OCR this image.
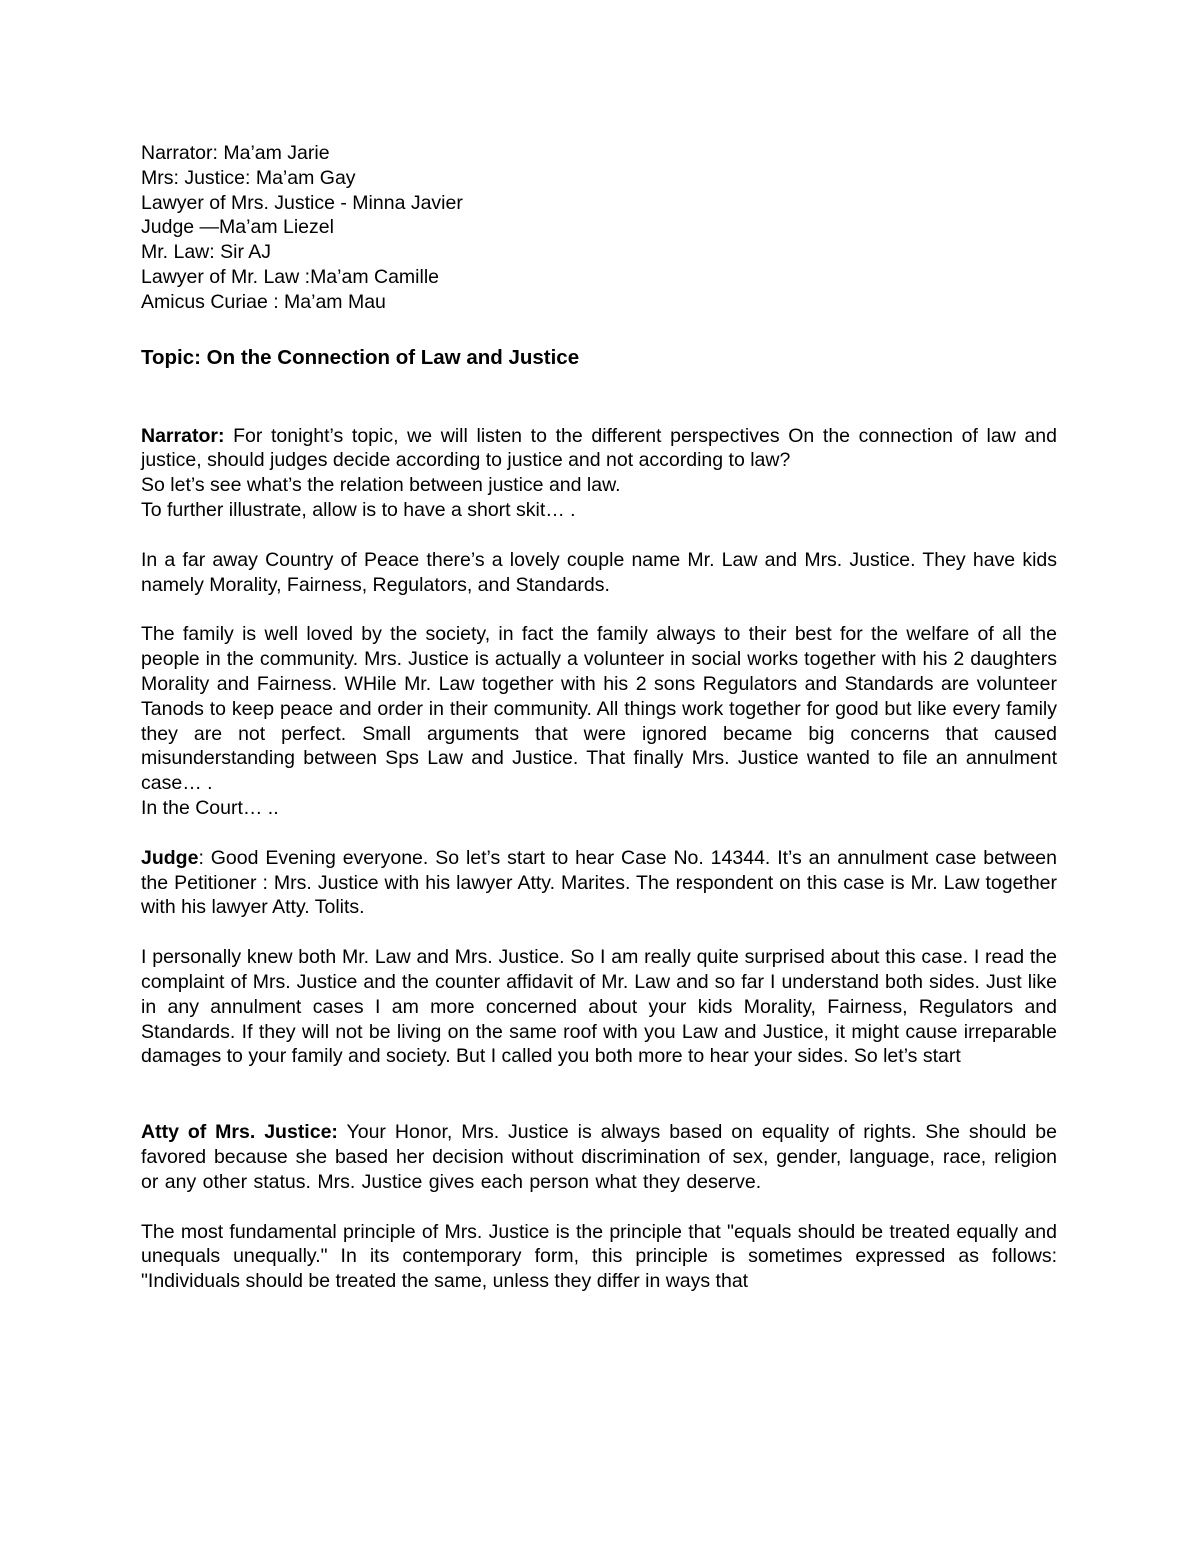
Narrator: Ma’am Jarie

Mrs: Justice: Ma’am Gay

Lawyer of Mrs. Justice - Minna Javier

Judge —Ma’am Liezel

Mr. Law: Sir AJ

Lawyer of Mr. Law :Ma’am Camille

Amicus Curiae : Ma’am Mau

Topic: On the Connection of Law and Justice

Narrator: For tonight’s topic, we will listen to the different perspectives On the connection of law and justice, should judges decide according to justice and not according to law?

So let’s see what’s the relation between justice and law.

To further illustrate, allow is to have a short skit… .

In a far away Country of Peace there’s a lovely couple name Mr. Law and Mrs. Justice. They have kids namely Morality, Fairness, Regulators, and Standards.

The family is well loved by the society, in fact the family always to their best for the welfare of all the people in the community. Mrs. Justice is actually a volunteer in social works together with his 2 daughters Morality and Fairness. WHile Mr. Law together with his 2 sons Regulators and Standards are volunteer Tanods to keep peace and order in their community. All things work together for good but like every family they are not perfect. Small arguments that were ignored became big concerns that caused misunderstanding between Sps Law and Justice. That finally Mrs. Justice wanted to file an annulment case… .

In the Court… ..

Judge: Good Evening everyone. So let’s start to hear Case No. 14344. It’s an annulment case between the Petitioner : Mrs. Justice with his lawyer Atty. Marites. The respondent on this case is Mr. Law together with his lawyer Atty. Tolits.

I personally knew both Mr. Law and Mrs. Justice. So I am really quite surprised about this case. I read the complaint of Mrs. Justice and the counter affidavit of Mr. Law and so far I understand both sides. Just like in any annulment cases I am more concerned about your kids Morality, Fairness, Regulators and Standards. If they will not be living on the same roof with you Law and Justice, it might cause irreparable damages to your family and society. But I called you both more to hear your sides. So let’s start

Atty of Mrs. Justice: Your Honor, Mrs. Justice is always based on equality of rights. She should be favored because she based her decision without discrimination of sex, gender, language, race, religion or any other status. Mrs. Justice gives each person what they deserve.

The most fundamental principle of Mrs. Justice is the principle that "equals should be treated equally and unequals unequally." In its contemporary form, this principle is sometimes expressed as follows: "Individuals should be treated the same, unless they differ in ways that
